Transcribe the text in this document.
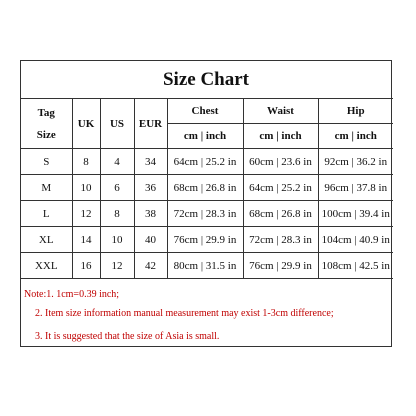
Size Chart
Tag
Size	UK	US	EUR	Chest	Waist	Hip
				cm | inch	cm | inch	cm | inch
S	8	4	34	64cm | 25.2 in	60cm | 23.6 in	92cm | 36.2 in
M	10	6	36	68cm | 26.8 in	64cm | 25.2 in	96cm | 37.8 in
L	12	8	38	72cm | 28.3 in	68cm | 26.8 in	100cm | 39.4 in
XL	14	10	40	76cm | 29.9 in	72cm | 28.3 in	104cm | 40.9 in
XXL	16	12	42	80cm | 31.5 in	76cm | 29.9 in	108cm | 42.5 in
Note:1. 1cm=0.39 inch;
2. Item size information manual measurement may exist 1-3cm difference;
3. It is suggested that the size of Asia is small.
